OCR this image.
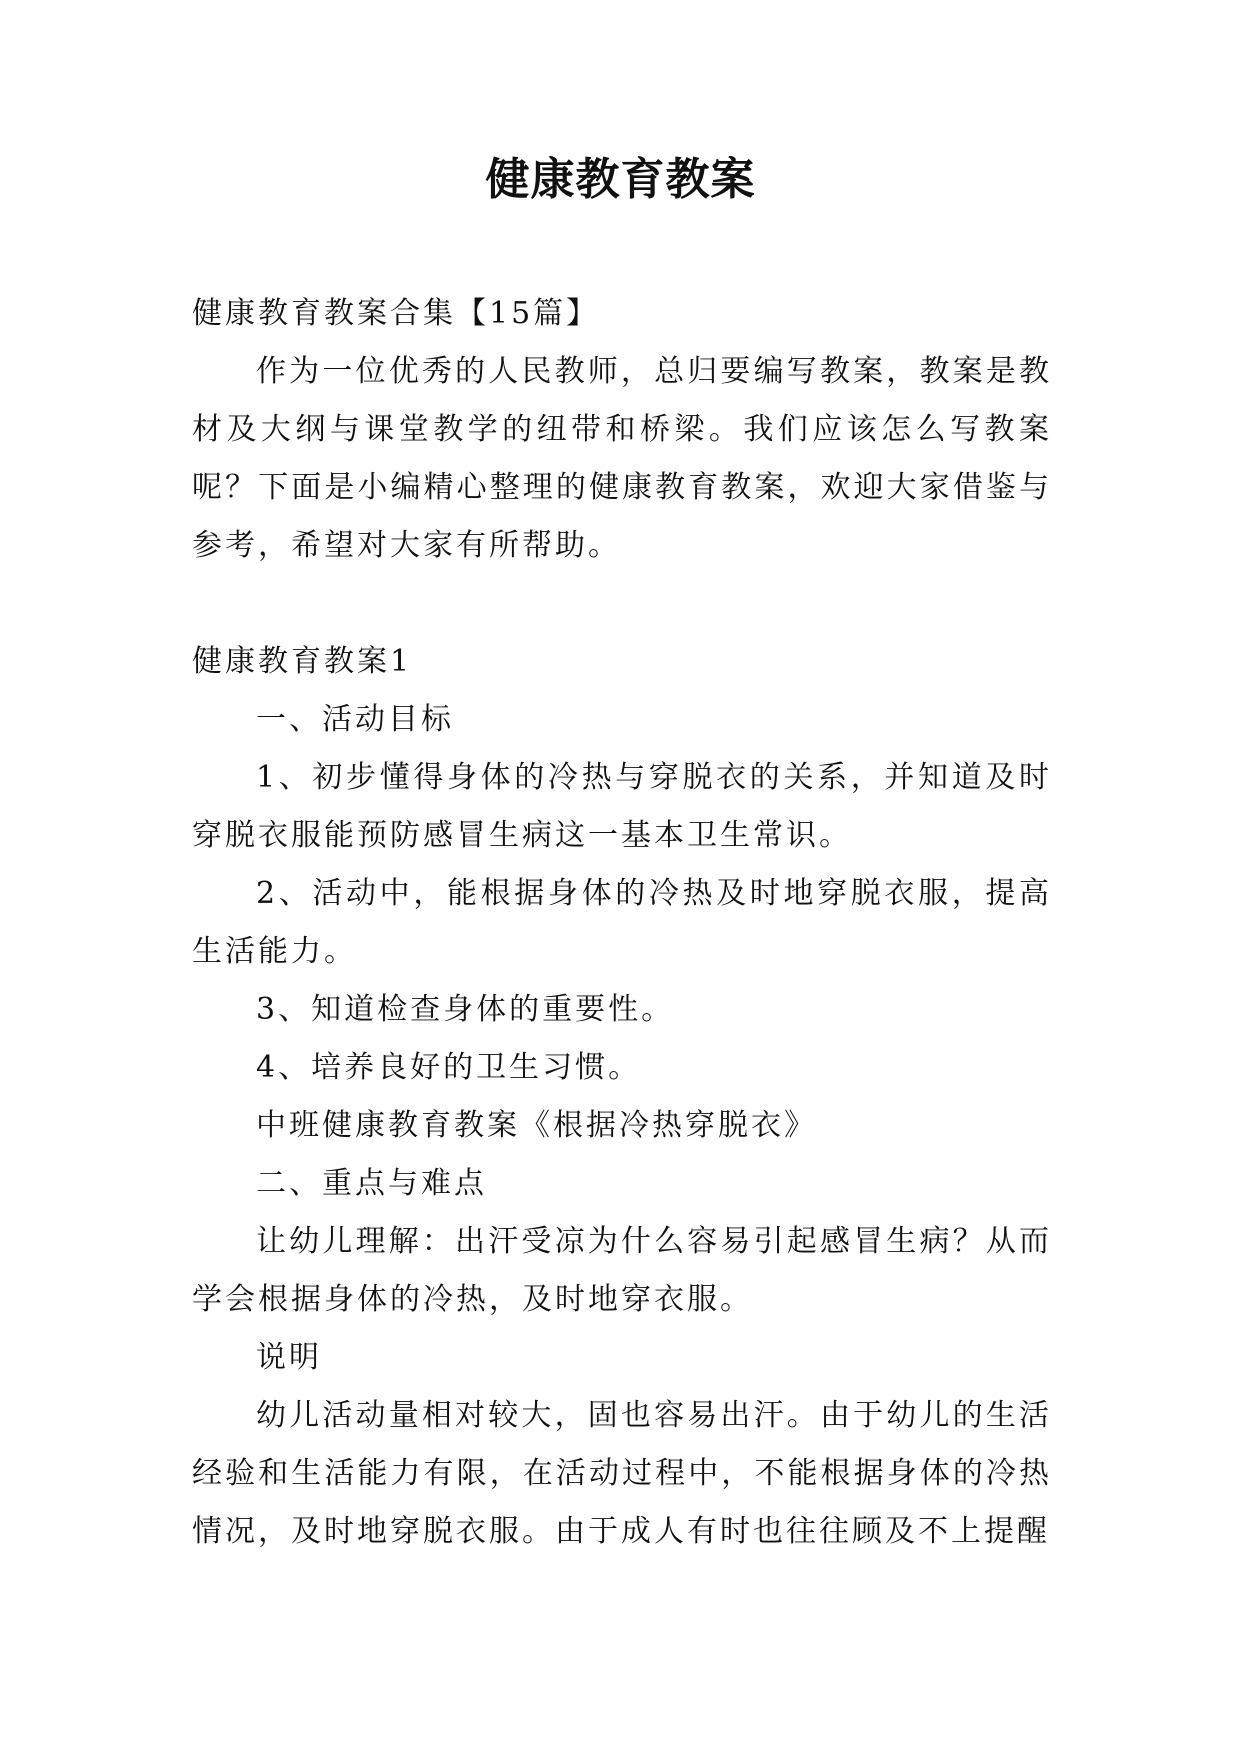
健康教育教案

健康教育教案合集【15篇】

作为一位优秀的人民教师，总归要编写教案，教案是教材及大纲与课堂教学的纽带和桥梁。我们应该怎么写教案呢？下面是小编精心整理的健康教育教案，欢迎大家借鉴与参考，希望对大家有所帮助。

健康教育教案1

一、活动目标

1、初步懂得身体的冷热与穿脱衣的关系，并知道及时穿脱衣服能预防感冒生病这一基本卫生常识。

2、活动中，能根据身体的冷热及时地穿脱衣服，提高生活能力。

3、知道检查身体的重要性。

4、培养良好的卫生习惯。

中班健康教育教案《根据冷热穿脱衣》

二、重点与难点

让幼儿理解：出汗受凉为什么容易引起感冒生病？从而学会根据身体的冷热，及时地穿衣服。

说明

幼儿活动量相对较大，固也容易出汗。由于幼儿的生活经验和生活能力有限，在活动过程中，不能根据身体的冷热情况，及时地穿脱衣服。由于成人有时也往往顾及不上提醒
